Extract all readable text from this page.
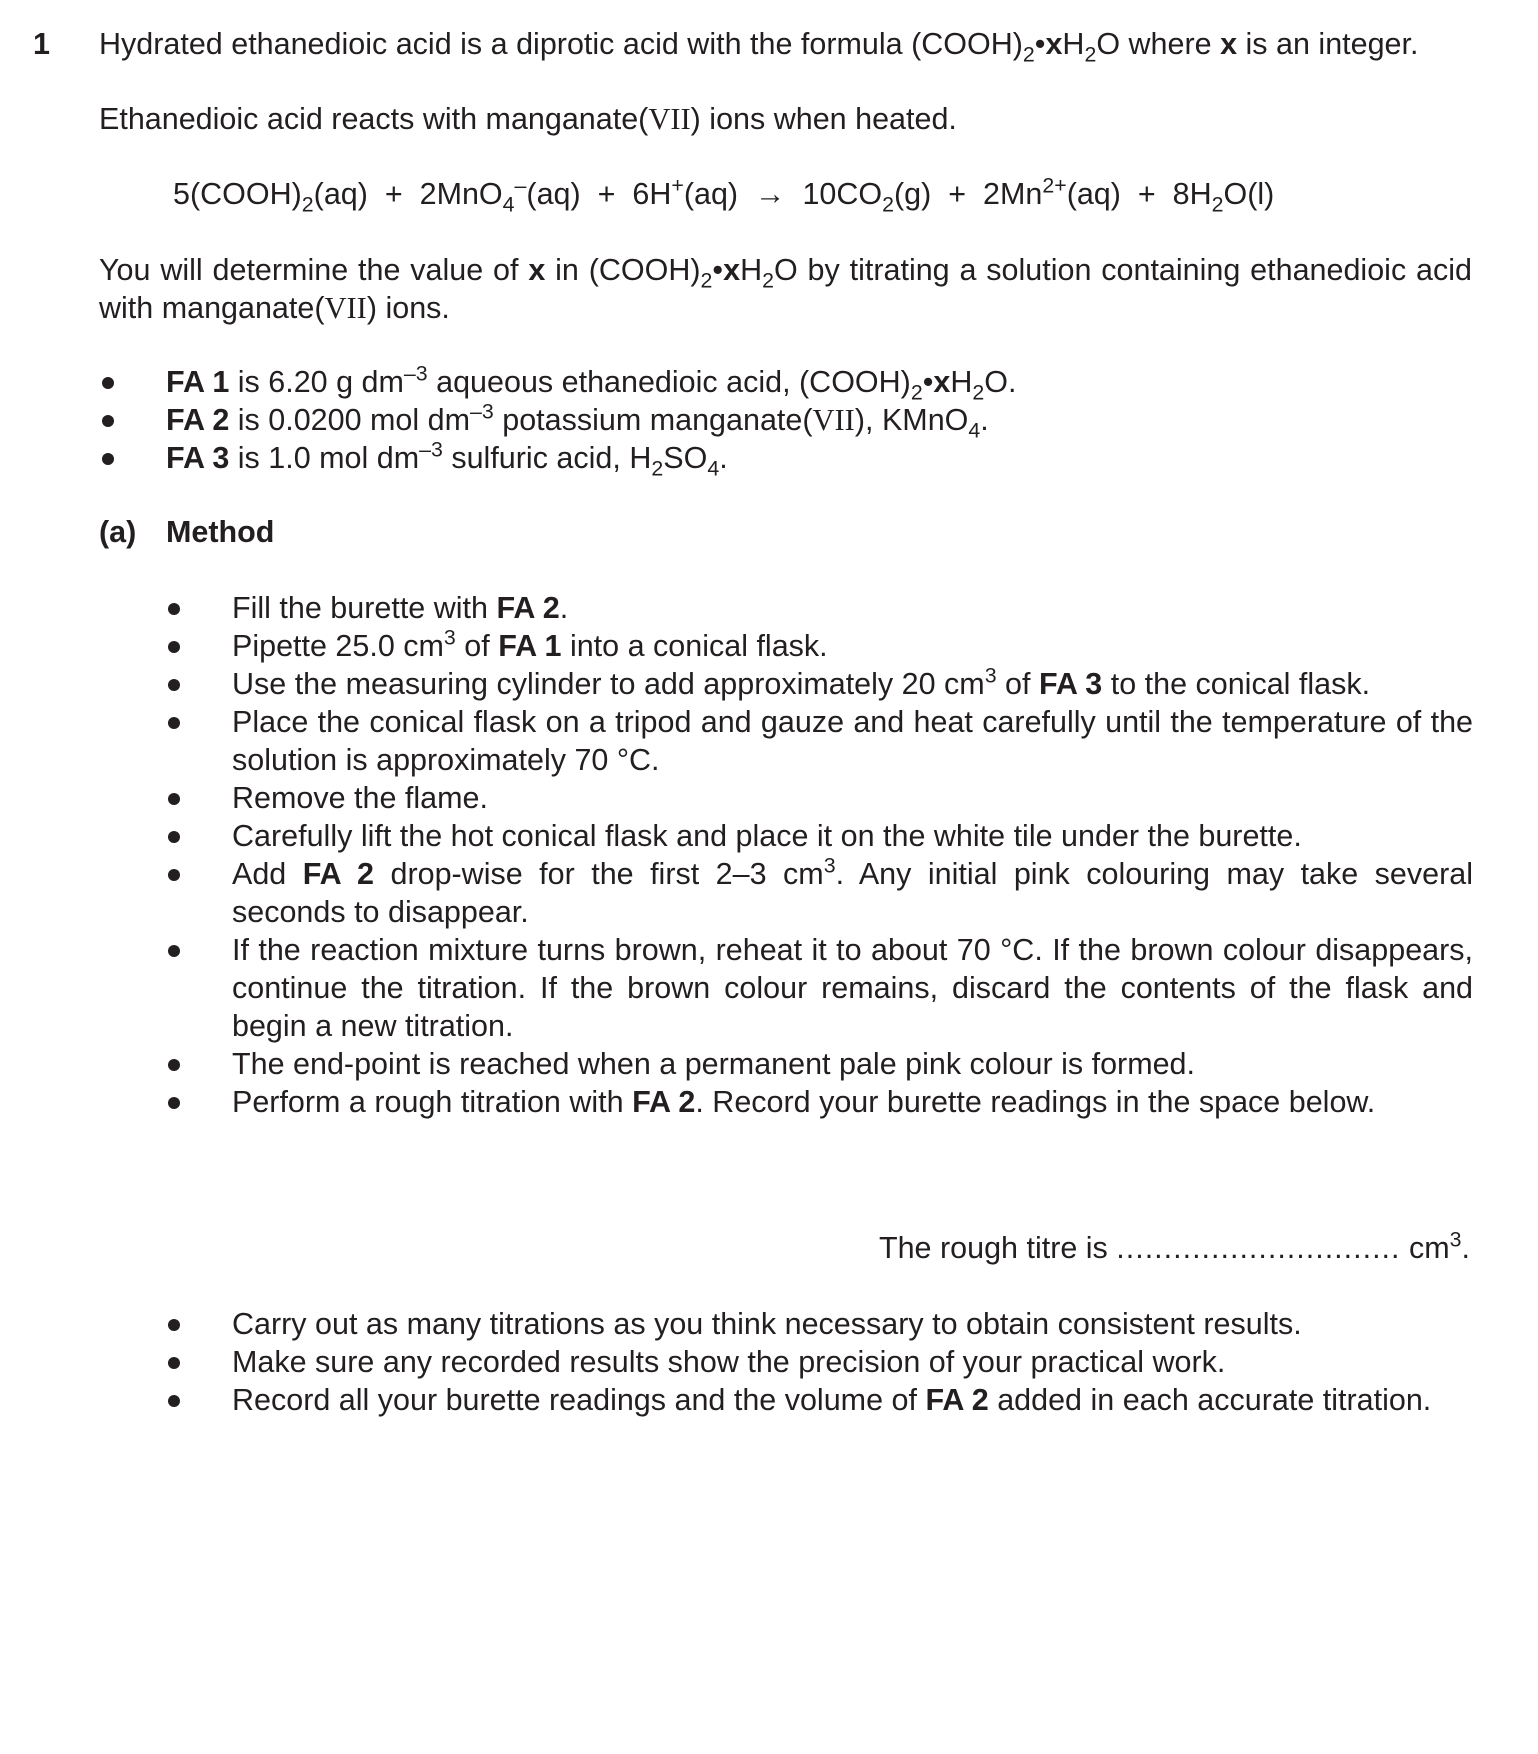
1 Hydrated ethanedioic acid is a diprotic acid with the formula $(COOH)_2•xH_2O$ where x is an integer.
Ethanedioic acid reacts with manganate(VII) ions when heated.
$5(COOH)_2(aq) + 2MnO_4^-(aq) + 6H^+(aq) \to 10CO_2(g) + 2Mn^{2+}(aq) + 8H_2O(l)$
You will determine the value of x in $(COOH)_2•xH_2O$ by titrating a solution containing ethanedioic acid with manganate(VII) ions.
FA 1 is 6.20 g $dm^{-3}$ aqueous ethanedioic acid, $(COOH)_2•xH_2O$.
FA 2 is 0.0200 mol $dm^{-3}$ potassium manganate(VII), KMnO$_4$.
FA 3 is 1.0 mol $dm^{-3}$ sulfuric acid, $H_2SO_4$.
(a) Method
Fill the burette with FA 2.
Pipette 25.0 $cm^3$ of FA 1 into a conical flask.
Use the measuring cylinder to add approximately 20 $cm^3$ of FA 3 to the conical flask.
Place the conical flask on a tripod and gauze and heat carefully until the temperature of the solution is approximately 70 °C.
Remove the flame.
Carefully lift the hot conical flask and place it on the white tile under the burette.
Add FA 2 drop-wise for the first 2–3 $cm^3$. Any initial pink colouring may take several seconds to disappear.
If the reaction mixture turns brown, reheat it to about 70 °C. If the brown colour disappears, continue the titration. If the brown colour remains, discard the contents of the flask and begin a new titration.
The end-point is reached when a permanent pale pink colour is formed.
Perform a rough titration with FA 2. Record your burette readings in the space below.
The rough titre is .............................. $cm^3$.
Carry out as many titrations as you think necessary to obtain consistent results.
Make sure any recorded results show the precision of your practical work.
Record all your burette readings and the volume of FA 2 added in each accurate titration.
